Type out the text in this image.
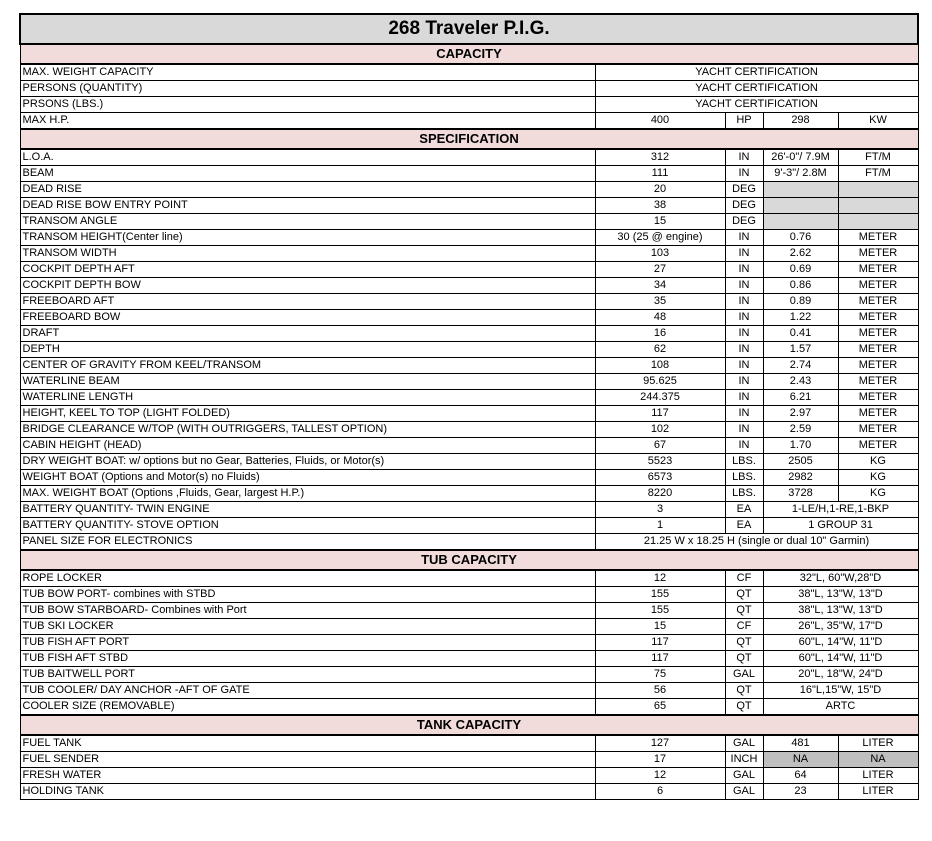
268 Traveler P.I.G.				
CAPACITY				
MAX. WEIGHT CAPACITY	YACHT CERTIFICATION			
PERSONS (QUANTITY)	YACHT CERTIFICATION			
PRSONS (LBS.)	YACHT CERTIFICATION			
MAX H.P.	400	HP	298	KW
SPECIFICATION				
L.O.A.	312	IN	26'-0"/ 7.9M	FT/M
BEAM	111	IN	9'-3"/ 2.8M	FT/M
DEAD RISE	20	DEG		
DEAD RISE BOW ENTRY POINT	38	DEG		
TRANSOM ANGLE	15	DEG		
TRANSOM HEIGHT(Center line)	30 (25 @ engine)	IN	0.76	METER
TRANSOM WIDTH	103	IN	2.62	METER
COCKPIT DEPTH AFT	27	IN	0.69	METER
COCKPIT DEPTH BOW	34	IN	0.86	METER
FREEBOARD AFT	35	IN	0.89	METER
FREEBOARD BOW	48	IN	1.22	METER
DRAFT	16	IN	0.41	METER
DEPTH	62	IN	1.57	METER
CENTER OF GRAVITY FROM KEEL/TRANSOM	108	IN	2.74	METER
WATERLINE BEAM	95.625	IN	2.43	METER
WATERLINE LENGTH	244.375	IN	6.21	METER
HEIGHT, KEEL TO TOP (LIGHT FOLDED)	117	IN	2.97	METER
BRIDGE CLEARANCE W/TOP (WITH OUTRIGGERS, TALLEST OPTION)	102	IN	2.59	METER
CABIN HEIGHT (HEAD)	67	IN	1.70	METER
DRY WEIGHT BOAT: w/ options but no Gear, Batteries, Fluids, or Motor(s)	5523	LBS.	2505	KG
WEIGHT BOAT (Options and Motor(s) no Fluids)	6573	LBS.	2982	KG
MAX. WEIGHT BOAT (Options ,Fluids, Gear, largest H.P.)	8220	LBS.	3728	KG
BATTERY QUANTITY- TWIN ENGINE	3	EA	1-LE/H,1-RE,1-BKP	
BATTERY QUANTITY- STOVE OPTION	1	EA	1 GROUP 31	
PANEL SIZE FOR ELECTRONICS	21.25 W x 18.25 H (single or dual 10" Garmin)			
TUB CAPACITY				
ROPE LOCKER	12	CF	32"L, 60"W,28"D	
TUB BOW PORT- combines with STBD	155	QT	38"L, 13"W, 13"D	
TUB BOW STARBOARD- Combines with Port	155	QT	38"L, 13"W, 13"D	
TUB SKI LOCKER	15	CF	26"L, 35"W, 17"D	
TUB FISH AFT PORT	117	QT	60"L, 14"W, 11"D	
TUB FISH AFT STBD	117	QT	60"L, 14"W, 11"D	
TUB BAITWELL PORT	75	GAL	20"L, 18"W, 24"D	
TUB COOLER/ DAY ANCHOR -AFT OF GATE	56	QT	16"L,15"W, 15"D	
COOLER SIZE (REMOVABLE)	65	QT	ARTC	
TANK CAPACITY				
FUEL TANK	127	GAL	481	LITER
FUEL SENDER	17	INCH	NA	NA
FRESH WATER	12	GAL	64	LITER
HOLDING TANK	6	GAL	23	LITER
